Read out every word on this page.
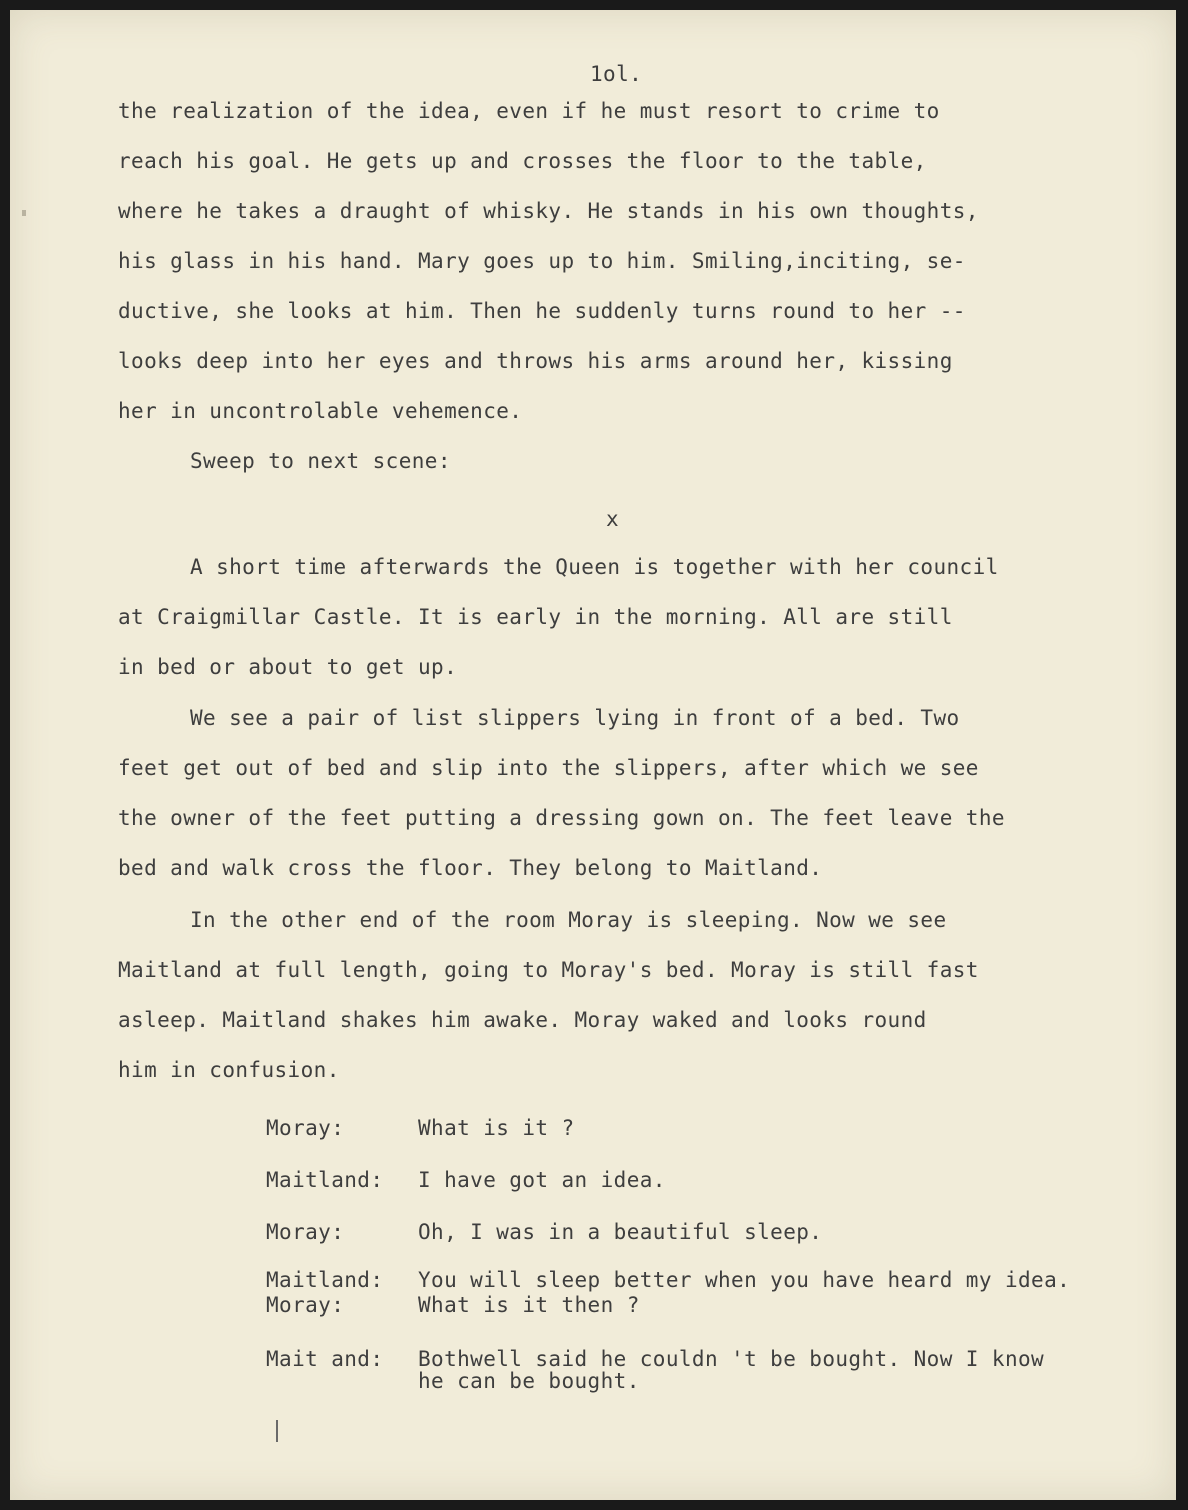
1ol.
the realization of the idea, even if he must resort to crime to
reach his goal. He gets up and crosses the floor to the table,
where he takes a draught of whisky. He stands in his own thoughts,
his glass in his hand. Mary goes up to him. Smiling,inciting, se-
ductive, she looks at him. Then he suddenly turns round to her --
looks deep into her eyes and throws his arms around her, kissing
her in uncontrolable vehemence.
Sweep to next scene:
x
A short time afterwards the Queen is together with her council
at Craigmillar Castle. It is early in the morning. All are still
in bed or about to get up.
We see a pair of list slippers lying in front of a bed. Two
feet get out of bed and slip into the slippers, after which we see
the owner of the feet putting a dressing gown on. The feet leave the
bed and walk cross the floor. They belong to Maitland.
In the other end of the room Moray is sleeping. Now we see
Maitland at full length, going to Moray's bed. Moray is still fast
asleep. Maitland shakes him awake. Moray waked and looks round
him in confusion.
Moray:	What is it ?
Maitland:	I have got an idea.
Moray:	Oh, I was in a beautiful sleep.
Maitland:	You will sleep better when you have heard my idea.
Moray:	What is it then ?
Mait and:	Bothwell said he couldn 't be bought. Now I know
he can be bought.
